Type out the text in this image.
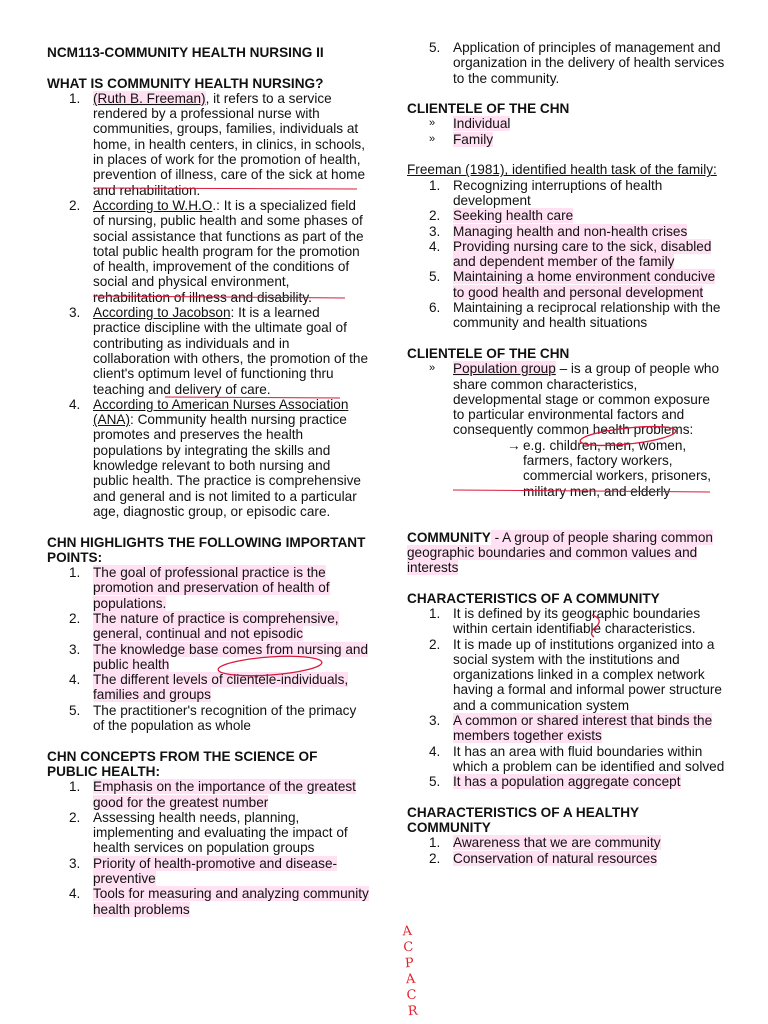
NCM113-COMMUNITY HEALTH NURSING II

WHAT IS COMMUNITY HEALTH NURSING?
1. (Ruth B. Freeman), it refers to a service rendered by a professional nurse with communities, groups, families, individuals at home, in health centers, in clinics, in schools, in places of work for the promotion of health, prevention of illness, care of the sick at home and rehabilitation.
2. According to W.H.O.: It is a specialized field of nursing, public health and some phases of social assistance that functions as part of the total public health program for the promotion of health, improvement of the conditions of social and physical environment, rehabilitation of illness and disability.
3. According to Jacobson: It is a learned practice discipline with the ultimate goal of contributing as individuals and in collaboration with others, the promotion of the client's optimum level of functioning thru teaching and delivery of care.
4. According to American Nurses Association (ANA): Community health nursing practice promotes and preserves the health populations by integrating the skills and knowledge relevant to both nursing and public health. The practice is comprehensive and general and is not limited to a particular age, diagnostic group, or episodic care.
CHN HIGHLIGHTS THE FOLLOWING IMPORTANT POINTS:
1. The goal of professional practice is the promotion and preservation of health of populations.
2. The nature of practice is comprehensive, general, continual and not episodic
3. The knowledge base comes from nursing and public health
4. The different levels of clientele-individuals, families and groups
5. The practitioner's recognition of the primacy of the population as whole
CHN CONCEPTS FROM THE SCIENCE OF PUBLIC HEALTH:
1. Emphasis on the importance of the greatest good for the greatest number
2. Assessing health needs, planning, implementing and evaluating the impact of health services on population groups
3. Priority of health-promotive and disease-preventive
4. Tools for measuring and analyzing community health problems
5. Application of principles of management and organization in the delivery of health services to the community.
CLIENTELE OF THE CHN
» Individual
» Family

Freeman (1981), identified health task of the family:

1. Recognizing interruptions of health development
2. Seeking health care
3. Managing health and non-health crises
4. Providing nursing care to the sick, disabled and dependent member of the family
5. Maintaining a home environment conducive to good health and personal development
6. Maintaining a reciprocal relationship with the community and health situations
CLIENTELE OF THE CHN
» Population group – is a group of people who share common characteristics, developmental stage or common exposure to particular environmental factors and consequently common health problems:

→ e.g. children, men, women, farmers, factory workers, commercial workers, prisoners, military men, and elderly

COMMUNITY - A group of people sharing common geographic boundaries and common values and interests

CHARACTERISTICS OF A COMMUNITY
1. It is defined by its geographic boundaries within certain identifiable characteristics.
2. It is made up of institutions organized into a social system with the institutions and organizations linked in a complex network having a formal and informal power structure and a communication system
3. A common or shared interest that binds the members together exists
4. It has an area with fluid boundaries within which a problem can be identified and solved
5. It has a population aggregate concept
CHARACTERISTICS OF A HEALTHY COMMUNITY
1. Awareness that we are community
2. Conservation of natural resources
A
C
P
A
C
R
